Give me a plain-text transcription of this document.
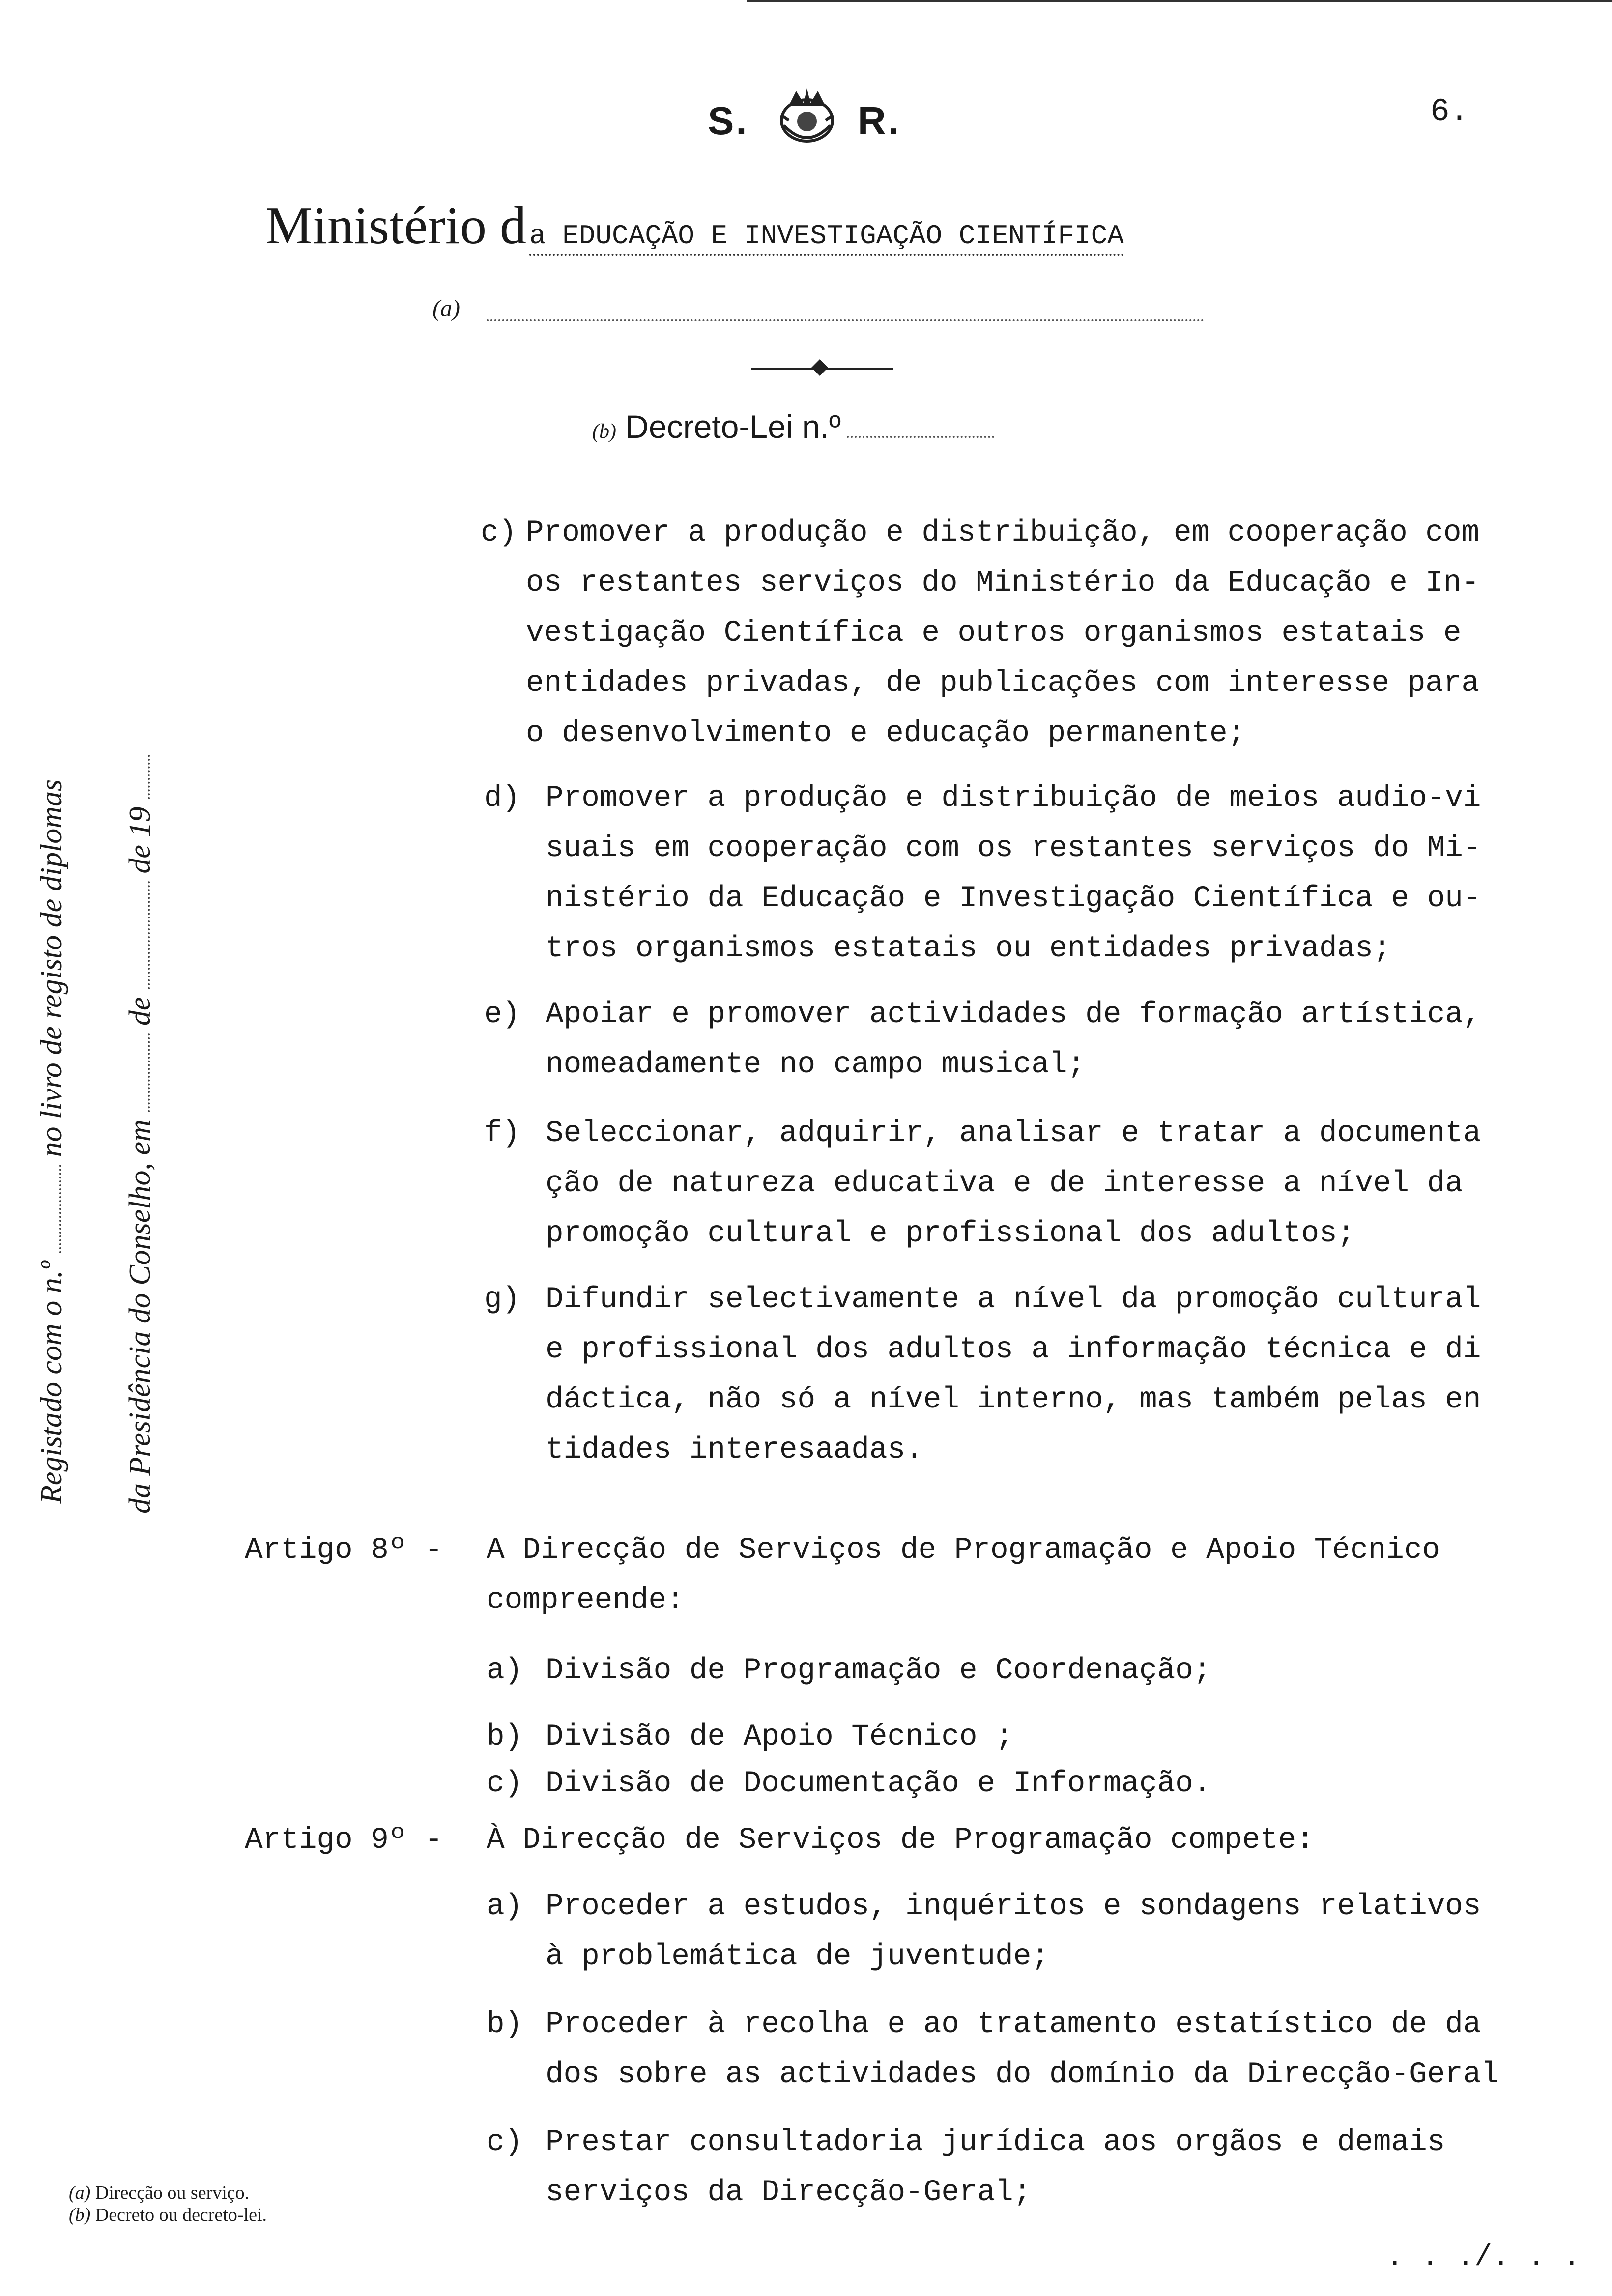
S.	R.	6.
Ministério d a EDUCAÇÃO E INVESTIGAÇÃO CIENTÍFICA
(a)
(b) Decreto-Lei n.º
Registado com o n.º  no livro de registo de diplomas
da Presidência do Conselho, em  de  de 19
c) Promover a produção e distribuição, em cooperação com
os restantes serviços do Ministério da Educação e In-
vestigação Científica e outros organismos estatais e
entidades privadas, de publicações com interesse para
o desenvolvimento e educação permanente;
d) Promover a produção e distribuição de meios audio-vi
suais em cooperação com os restantes serviços do Mi-
nistério da Educação e Investigação Científica e ou-
tros organismos estatais ou entidades privadas;
e) Apoiar e promover actividades de formação artística,
nomeadamente no campo musical;
f) Seleccionar, adquirir, analisar e tratar a documenta
ção de natureza educativa e de interesse a nível da
promoção cultural e profissional dos adultos;
g) Difundir selectivamente a nível da promoção cultural
e profissional dos adultos a informação técnica e di
dáctica, não só a nível interno, mas também pelas en
tidades interesaadas.
Artigo 8º - A Direcção de Serviços de Programação e Apoio Técnico
compreende:
a) Divisão de Programação e Coordenação;
b) Divisão de Apoio Técnico ;
c) Divisão de Documentação e Informação.
Artigo 9º - À Direcção de Serviços de Programação compete:
a) Proceder a estudos, inquéritos e sondagens relativos
à problemática de juventude;
b) Proceder à recolha e ao tratamento estatístico de da
dos sobre as actividades do domínio da Direcção-Geral
c) Prestar consultadoria jurídica aos orgãos e demais
serviços da Direcção-Geral;
(a) Direcção ou serviço.
(b) Decreto ou decreto-lei.
. . ./. . .
